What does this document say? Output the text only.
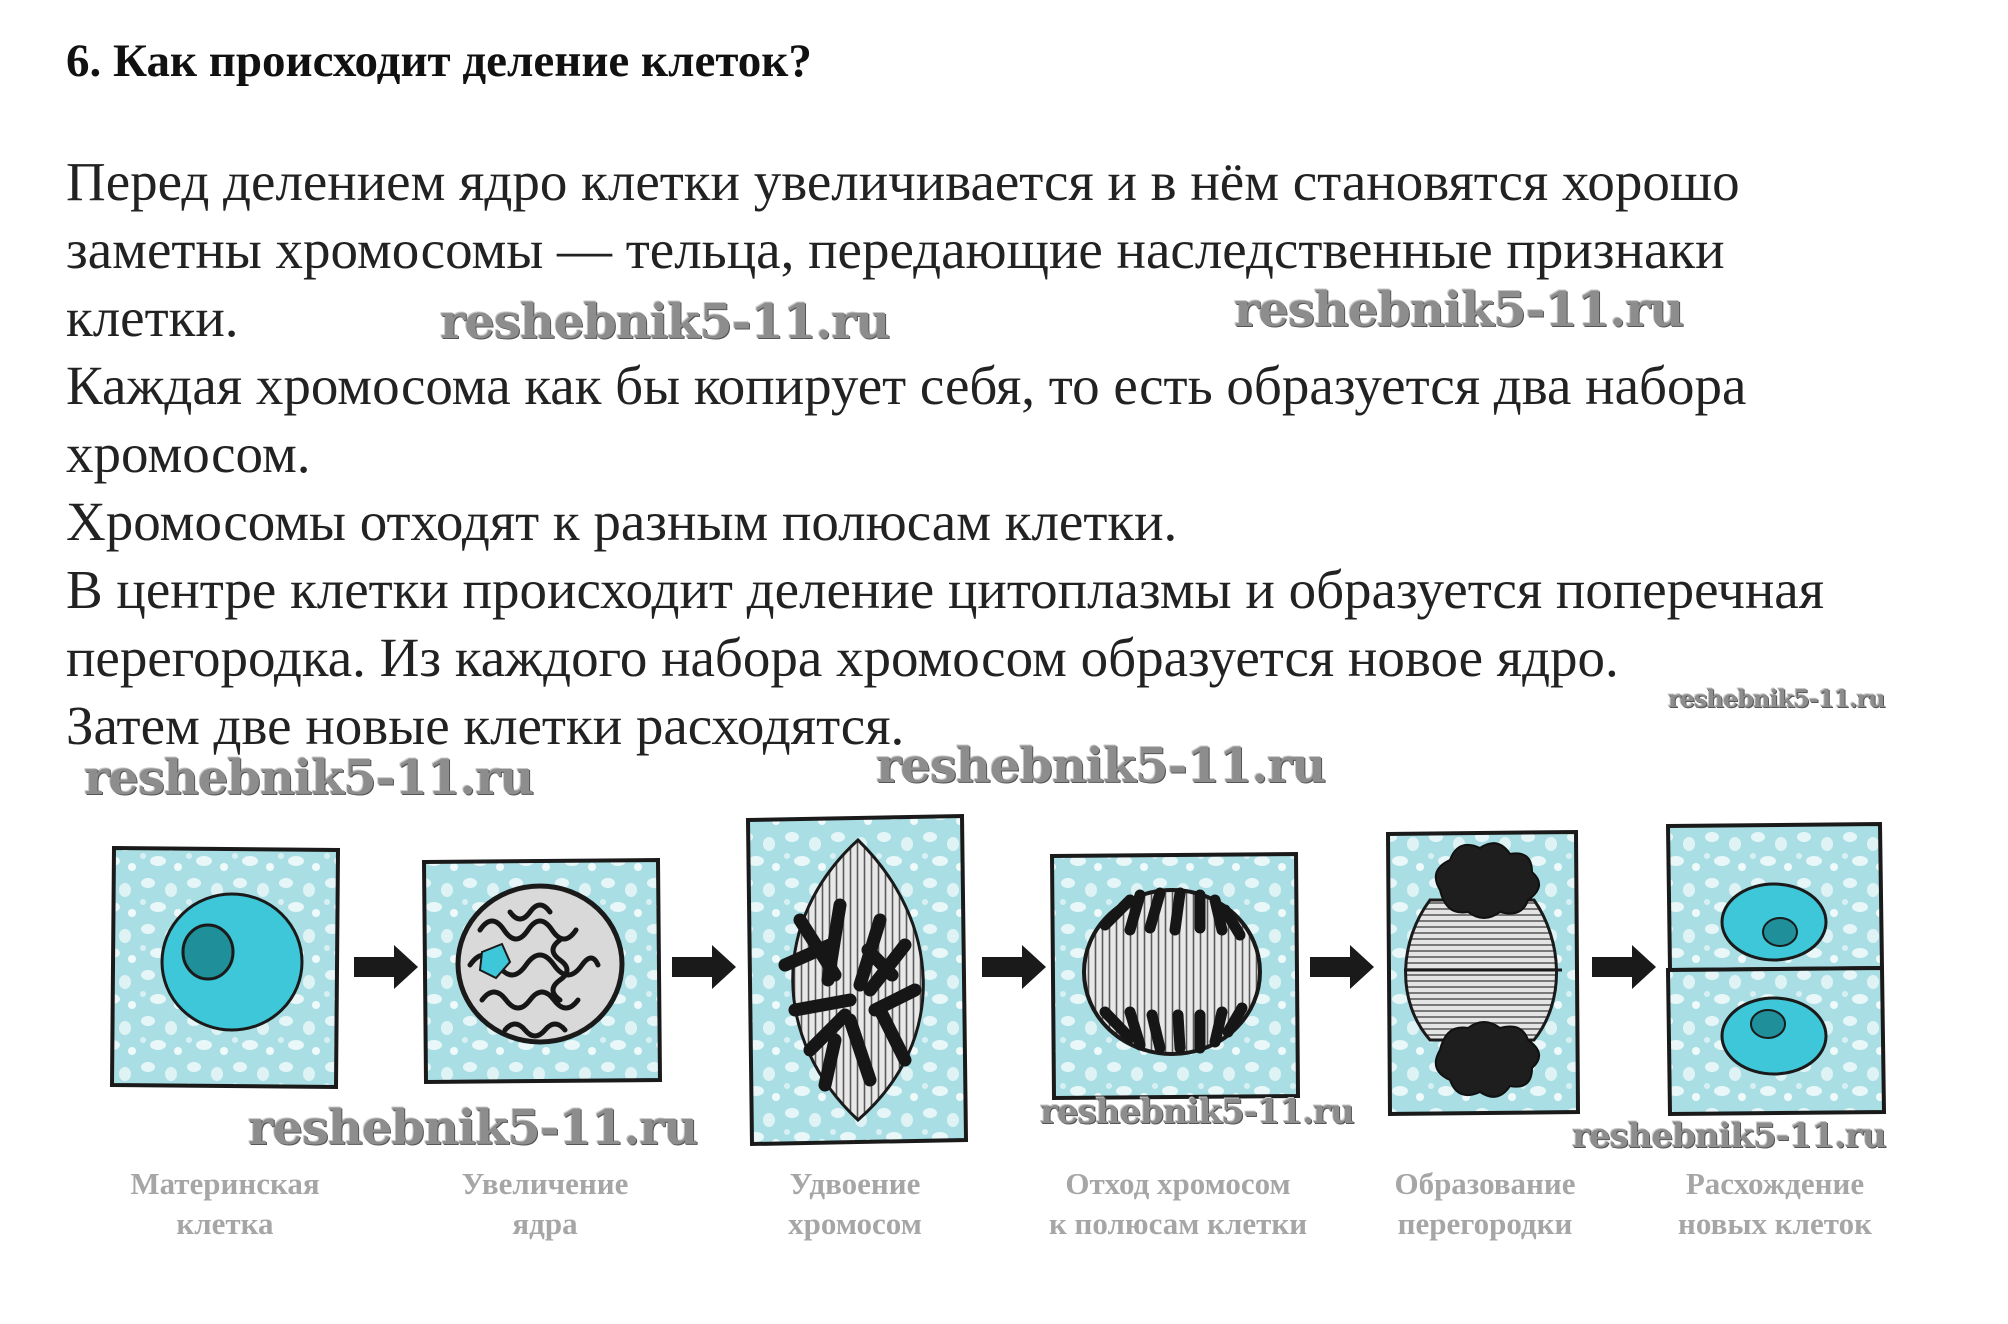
6. Как происходит деление клеток?
Перед делением ядро клетки увеличивается и в нём становятся хорошо
заметны хромосомы — тельца, передающие наследственные признаки
клетки.
Каждая хромосома как бы копирует себя, то есть образуется два набора
хромосом.
Хромосомы отходят к разным полюсам клетки.
В центре клетки происходит деление цитоплазмы и образуется поперечная
перегородка. Из каждого набора хромосом образуется новое ядро.
Затем две новые клетки расходятся.
Материнская
клетка
Увеличение
ядра
Удвоение
хромосом
Отход хромосом
к полюсам клетки
Образование
перегородки
Расхождение
новых клеток
reshebnik5-11.ru	reshebnik5-11.ru
reshebnik5-11.ru
reshebnik5-11.ru	reshebnik5-11.ru
reshebnik5-11.ru	reshebnik5-11.ru
reshebnik5-11.ru
